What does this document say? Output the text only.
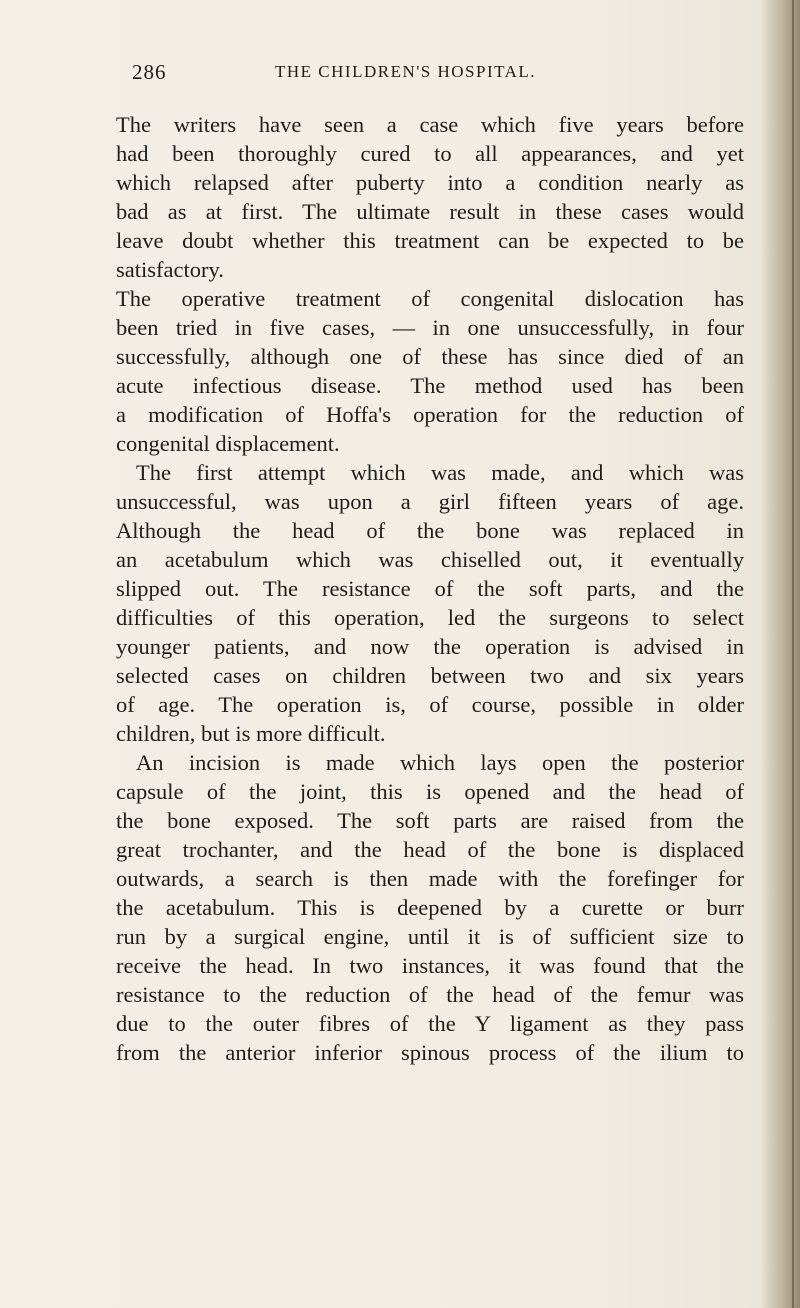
286	THE CHILDREN'S HOSPITAL.
The writers have seen a case which five years before
had been thoroughly cured to all appearances, and yet
which relapsed after puberty into a condition nearly as
bad as at first. The ultimate result in these cases would
leave doubt whether this treatment can be expected to be
satisfactory.
The operative treatment of congenital dislocation has
been tried in five cases, — in one unsuccessfully, in four
successfully, although one of these has since died of an
acute infectious disease. The method used has been
a modification of Hoffa's operation for the reduction of
congenital displacement.
The first attempt which was made, and which was
unsuccessful, was upon a girl fifteen years of age.
Although the head of the bone was replaced in
an acetabulum which was chiselled out, it eventually
slipped out. The resistance of the soft parts, and the
difficulties of this operation, led the surgeons to select
younger patients, and now the operation is advised in
selected cases on children between two and six years
of age. The operation is, of course, possible in older
children, but is more difficult.
An incision is made which lays open the posterior
capsule of the joint, this is opened and the head of
the bone exposed. The soft parts are raised from the
great trochanter, and the head of the bone is displaced
outwards, a search is then made with the forefinger for
the acetabulum. This is deepened by a curette or burr
run by a surgical engine, until it is of sufficient size to
receive the head. In two instances, it was found that the
resistance to the reduction of the head of the femur was
due to the outer fibres of the Y ligament as they pass
from the anterior inferior spinous process of the ilium to
